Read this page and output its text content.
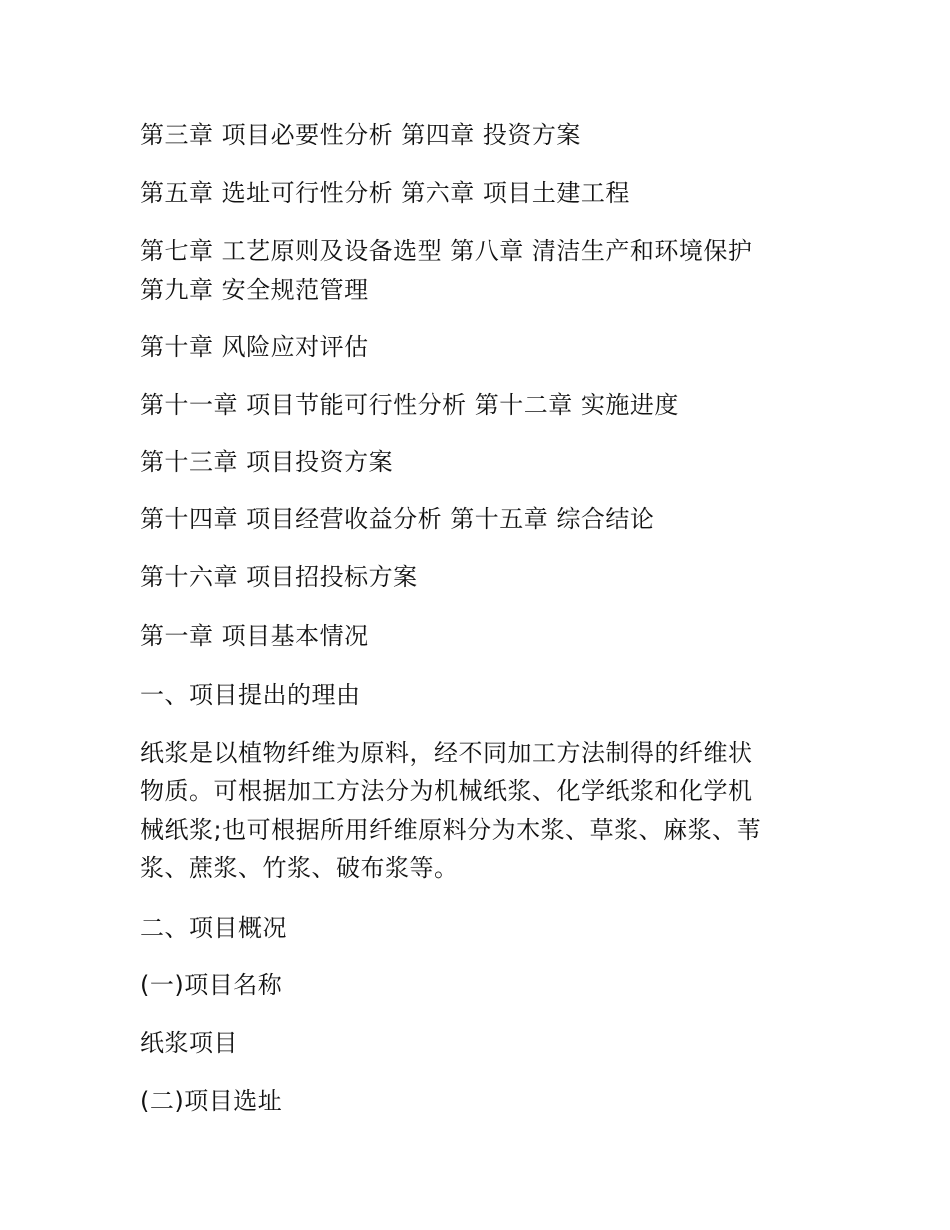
第三章 项目必要性分析 第四章 投资方案
第五章 选址可行性分析 第六章 项目土建工程
第七章 工艺原则及设备选型 第八章 清洁生产和环境保护
第九章 安全规范管理
第十章 风险应对评估
第十一章 项目节能可行性分析 第十二章 实施进度
第十三章 项目投资方案
第十四章 项目经营收益分析 第十五章 综合结论
第十六章 项目招投标方案
第一章 项目基本情况
一、项目提出的理由
纸浆是以植物纤维为原料，经不同加工方法制得的纤维状
物质。可根据加工方法分为机械纸浆、化学纸浆和化学机
械纸浆;也可根据所用纤维原料分为木浆、草浆、麻浆、苇
浆、蔗浆、竹浆、破布浆等。
二、项目概况
(一)项目名称
纸浆项目
(二)项目选址
